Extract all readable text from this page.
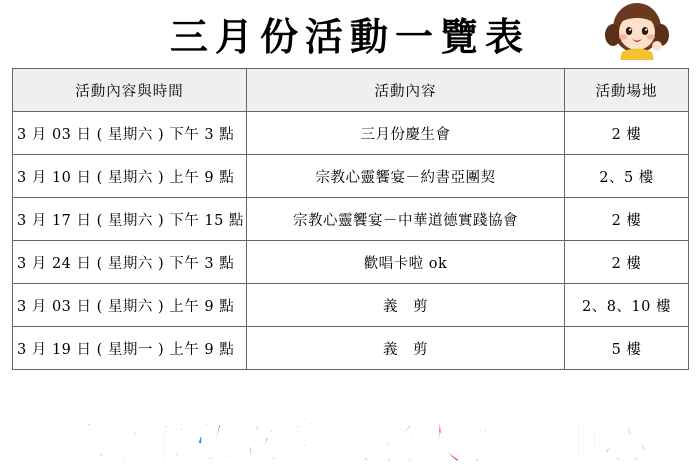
三月份活動一覽表
活動內容與時間	活動內容	活動場地
3 月 03 日 ( 星期六 ) 下午 3 點	三月份慶生會	2 樓
3 月 10 日 ( 星期六 ) 上午 9 點	宗教心靈饗宴－約書亞團契	2、5 樓
3 月 17 日 ( 星期六 ) 下午 15 點	宗教心靈饗宴－中華道德實踐協會	2 樓
3 月 24 日 ( 星期六 ) 下午 3 點	歡唱卡啦 ok	2 樓
3 月 03 日 ( 星期六 ) 上午 9 點	義　剪	2、8、10 樓
3 月 19 日 ( 星期一 ) 上午 9 點	義　剪	5 樓
新北市私立慈徽老人養護中心
